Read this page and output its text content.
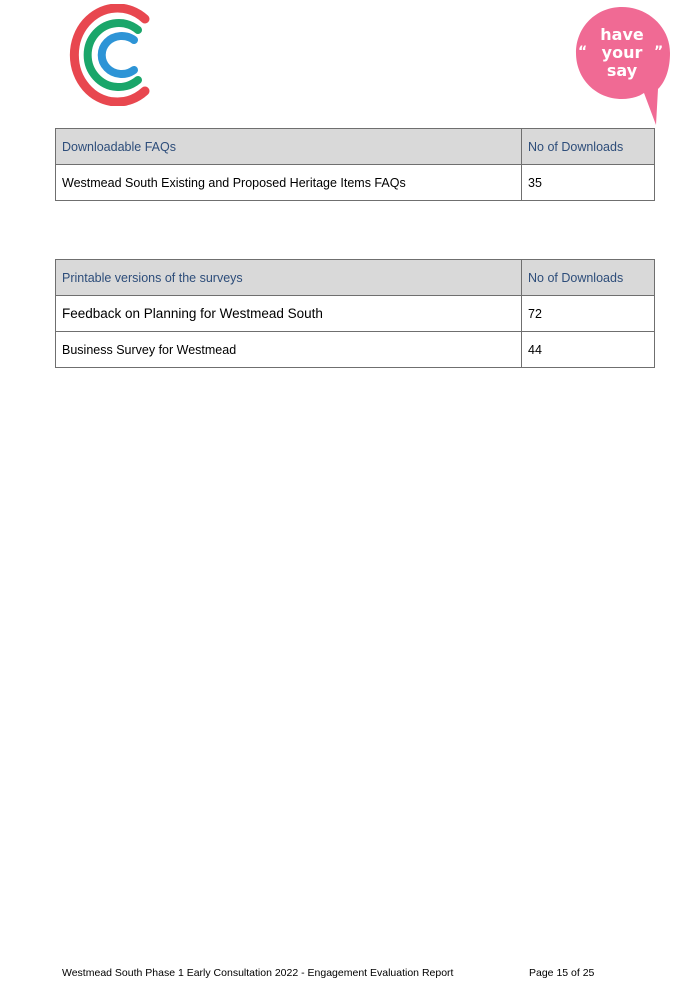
“	”
have
your
say
Downloadable FAQs	No of Downloads
Westmead South Existing and Proposed Heritage Items FAQs	35
Printable versions of the surveys	No of Downloads
Feedback on Planning for Westmead South	72
Business Survey for Westmead	44
Westmead South Phase 1 Early Consultation 2022 - Engagement Evaluation Report	Page 15 of 25
